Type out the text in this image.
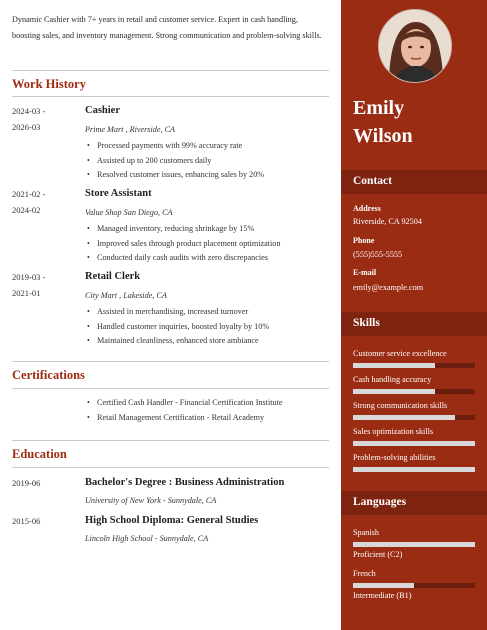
Dynamic Cashier with 7+ years in retail and customer service. Expert in cash handling, boosting sales, and inventory management. Strong communication and problem-solving skills.

Work History
2024-03 -
2026-03
Cashier
Prime Mart , Riverside, CA
• Processed payments with 99% accuracy rate
• Assisted up to 200 customers daily
• Resolved customer issues, enhancing sales by 20%
2021-02 -
2024-02
Store Assistant
Value Shop San Diego, CA
• Managed inventory, reducing shrinkage by 15%
• Improved sales through product placement optimization
• Conducted daily cash audits with zero discrepancies
2019-03 -
2021-01
Retail Clerk
City Mart , Lakeside, CA
• Assisted in merchandising, increased turnover
• Handled customer inquiries, boosted loyalty by 10%
• Maintained cleanliness, enhanced store ambiance
Certifications
• Certified Cash Handler - Financial Certification Institute
• Retail Management Certification - Retail Academy
Education
2019-06	Bachelor's Degree : Business Administration
University of New York - Sunnydale, CA
2015-06	High School Diploma: General Studies
Lincoln High School - Sunnydale, CA
Emily
Wilson
Contact
Address
Riverside, CA 92504
Phone
(555)555-5555
E-mail
emily@example.com
Skills
Customer service excellence
Cash handling accuracy
Strong communication skills
Sales optimization skills
Problem-solving abilities
Languages
Spanish
Proficient (C2)
French
Intermediate (B1)
